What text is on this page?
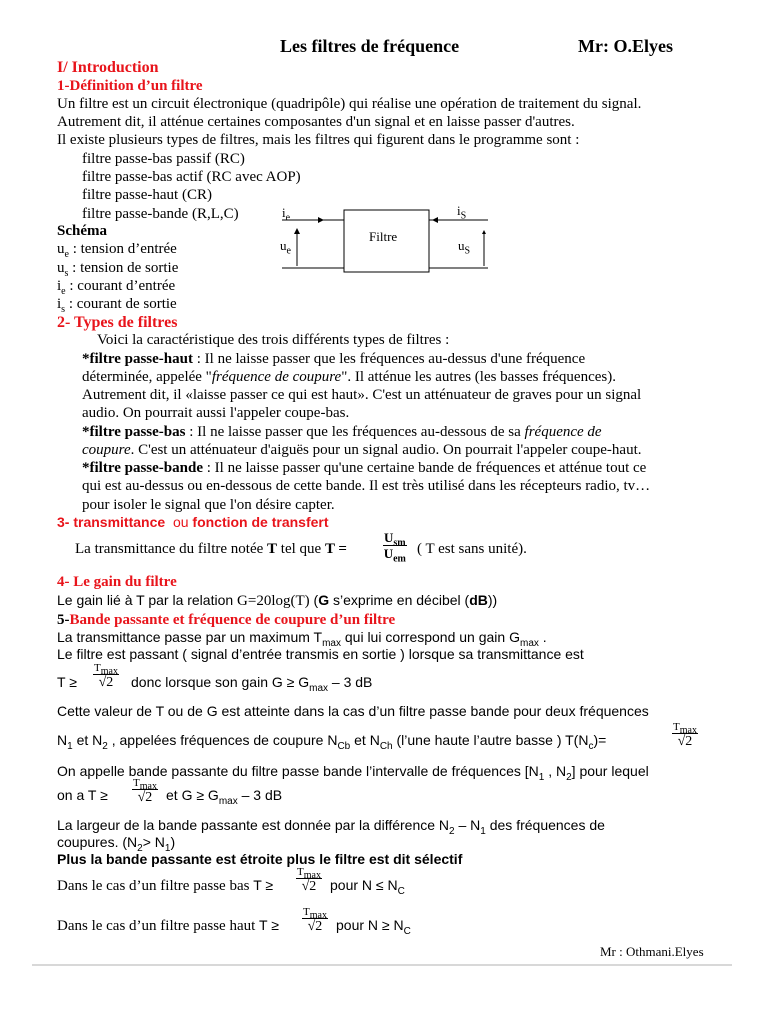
Les filtres de fréquence	Mr: O.Elyes
I/ Introduction
1-Définition d’un filtre
Un filtre est un circuit électronique (quadripôle) qui réalise une opération de traitement du signal.
Autrement dit, il atténue certaines composantes d'un signal et en laisse passer d'autres.
Il existe plusieurs types de filtres, mais les filtres qui figurent dans le programme sont :
filtre passe-bas passif (RC)
filtre passe-bas actif (RC avec AOP)
filtre passe-haut (CR)
filtre passe-bande (R,L,C)
Filtre
$i_e$
$i_S$
$u_e$	$u_S$
Schéma
$u_e$ : tension d’entrée
$u_s$ : tension de sortie
$i_e$ : courant d’entrée
$i_s$ : courant de sortie
2- Types de filtres
Voici la caractéristique des trois différents types de filtres :
*filtre passe-haut : Il ne laisse passer que les fréquences au-dessus d'une fréquence
déterminée, appelée "fréquence de coupure". Il atténue les autres (les basses fréquences).
Autrement dit, il «laisse passer ce qui est haut». C'est un atténuateur de graves pour un signal
audio. On pourrait aussi l'appeler coupe-bas.
*filtre passe-bas : Il ne laisse passer que les fréquences au-dessous de sa fréquence de
coupure. C'est un atténuateur d'aiguës pour un signal audio. On pourrait l'appeler coupe-haut.
*filtre passe-bande : Il ne laisse passer qu'une certaine bande de fréquences et atténue tout ce
qui est au-dessus ou en-dessous de cette bande. Il est très utilisé dans les récepteurs radio, tv…
pour isoler le signal que l'on désire capter.
3- transmittance ou fonction de transfert
La transmittance du filtre notée T tel que T =
$U_{sm}$
$U_{em}$
( T est sans unité).
4- Le gain du filtre
Le gain lié à T par la relation G=20log(T) (G s’exprime en décibel (dB))
5-Bande passante et fréquence de coupure d’un filtre
La transmittance passe par un maximum $T_{max}$ qui lui correspond un gain $G_{max}$ .
Le filtre est passant ( signal d’entrée transmis en sortie ) lorsque sa transmittance est
T ≥
$T_{max}$
√2	donc lorsque son gain $G \ge G_{max} - 3$ dB
Cette valeur de T ou de G est atteinte dans la cas d’un filtre passe bande pour deux fréquences
$N_1$ et $N_2$ , appelées fréquences de coupure $N_{Cb}$ et $N_{Ch}$ (l’une haute l’autre basse ) $T(N_c)=$
$T_{max}$
√2
On appelle bande passante du filtre passe bande l’intervalle de fréquences [$N_1$ , $N_2$] pour lequel
on a T ≥
$T_{max}$
√2 et $G \ge G_{max} - 3$ dB
La largeur de la bande passante est donnée par la différence $N_2 - N_1$ des fréquences de
coupures. $(N_2> N_1)$
Plus la bande passante est étroite plus le filtre est dit sélectif
Dans le cas d’un filtre passe bas T ≥
$T_{max}$
√2 pour $N \le N_C$
Dans le cas d’un filtre passe haut T ≥
$T_{max}$
√2 pour $N \ge N_C$
Mr : Othmani.Elyes
